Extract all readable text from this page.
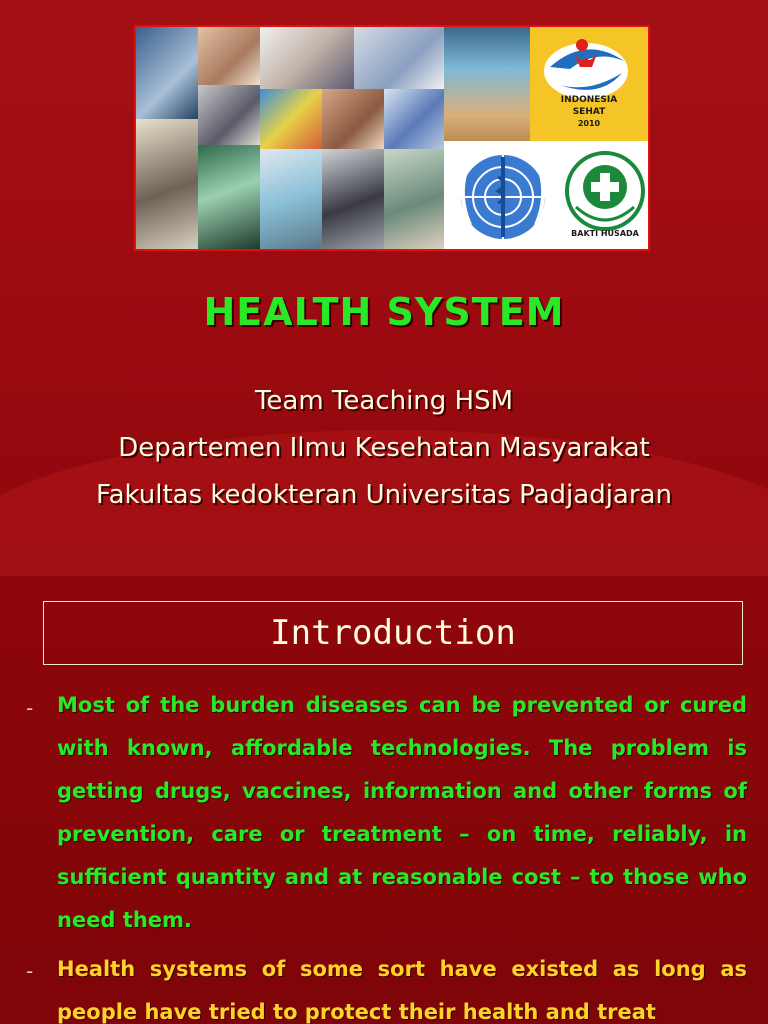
INDONESIA
SEHAT
2010
BAKTI HUSADA
HEALTH SYSTEM
Team Teaching HSM
Departemen Ilmu Kesehatan Masyarakat
Fakultas kedokteran Universitas Padjadjaran
Introduction
- Most of the burden diseases can be prevented or cured with known, affordable technologies. The problem is getting drugs, vaccines, information and other forms of prevention, care or treatment – on time, reliably, in sufficient quantity and at reasonable cost – to those who need them.
- Health systems of some sort have existed as long as people have tried to protect their health and treat
